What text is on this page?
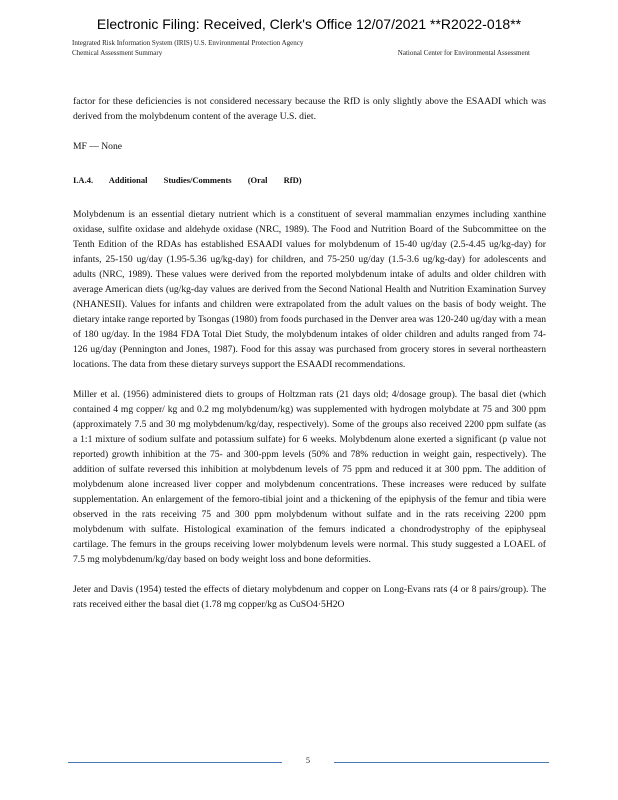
Electronic Filing: Received, Clerk's Office 12/07/2021 **R2022-018**
Integrated Risk Information System (IRIS) U.S. Environmental Protection Agency
Chemical Assessment Summary	National Center for Environmental Assessment

factor for these deficiencies is not considered necessary because the RfD is only slightly above the ESAADI which was derived from the molybdenum content of the average U.S. diet.

MF — None

I.A.4. Additional Studies/Comments (Oral RfD)

Molybdenum is an essential dietary nutrient which is a constituent of several mammalian enzymes including xanthine oxidase, sulfite oxidase and aldehyde oxidase (NRC, 1989). The Food and Nutrition Board of the Subcommittee on the Tenth Edition of the RDAs has established ESAADI values for molybdenum of 15-40 ug/day (2.5-4.45 ug/kg-day) for infants, 25-150 ug/day (1.95-5.36 ug/kg-day) for children, and 75-250 ug/day (1.5-3.6 ug/kg-day) for adolescents and adults (NRC, 1989). These values were derived from the reported molybdenum intake of adults and older children with average American diets (ug/kg-day values are derived from the Second National Health and Nutrition Examination Survey (NHANESII). Values for infants and children were extrapolated from the adult values on the basis of body weight. The dietary intake range reported by Tsongas (1980) from foods purchased in the Denver area was 120-240 ug/day with a mean of 180 ug/day. In the 1984 FDA Total Diet Study, the molybdenum intakes of older children and adults ranged from 74-126 ug/day (Pennington and Jones, 1987). Food for this assay was purchased from grocery stores in several northeastern locations. The data from these dietary surveys support the ESAADI recommendations.

Miller et al. (1956) administered diets to groups of Holtzman rats (21 days old; 4/dosage group). The basal diet (which contained 4 mg copper/ kg and 0.2 mg molybdenum/kg) was supplemented with hydrogen molybdate at 75 and 300 ppm (approximately 7.5 and 30 mg molybdenum/kg/day, respectively). Some of the groups also received 2200 ppm sulfate (as a 1:1 mixture of sodium sulfate and potassium sulfate) for 6 weeks. Molybdenum alone exerted a significant (p value not reported) growth inhibition at the 75- and 300-ppm levels (50% and 78% reduction in weight gain, respectively). The addition of sulfate reversed this inhibition at molybdenum levels of 75 ppm and reduced it at 300 ppm. The addition of molybdenum alone increased liver copper and molybdenum concentrations. These increases were reduced by sulfate supplementation. An enlargement of the femoro-tibial joint and a thickening of the epiphysis of the femur and tibia were observed in the rats receiving 75 and 300 ppm molybdenum without sulfate and in the rats receiving 2200 ppm molybdenum with sulfate. Histological examination of the femurs indicated a chondrodystrophy of the epiphyseal cartilage. The femurs in the groups receiving lower molybdenum levels were normal. This study suggested a LOAEL of 7.5 mg molybdenum/kg/day based on body weight loss and bone deformities.

Jeter and Davis (1954) tested the effects of dietary molybdenum and copper on Long-Evans rats (4 or 8 pairs/group). The rats received either the basal diet (1.78 mg copper/kg as CuSO4·5H2O

5
